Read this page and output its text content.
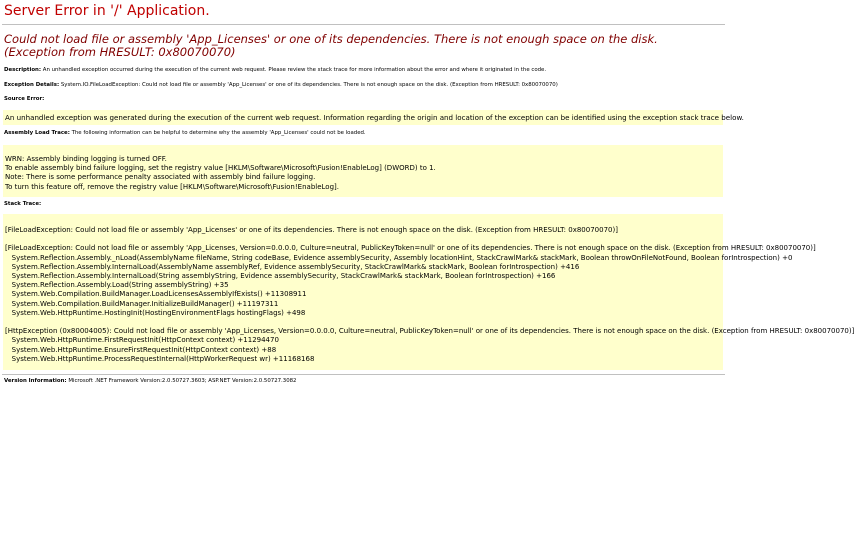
Server Error in '/' Application.
Could not load file or assembly 'App_Licenses' or one of its dependencies. There is not enough space on the disk. (Exception from HRESULT: 0x80070070)
Description: An unhandled exception occurred during the execution of the current web request. Please review the stack trace for more information about the error and where it originated in the code.
Exception Details: System.IO.FileLoadException: Could not load file or assembly 'App_Licenses' or one of its dependencies. There is not enough space on the disk. (Exception from HRESULT: 0x80070070)
Source Error:
An unhandled exception was generated during the execution of the current web request. Information regarding the origin and location of the exception can be identified using the exception stack trace below.
Assembly Load Trace: The following information can be helpful to determine why the assembly 'App_Licenses' could not be loaded.
WRN: Assembly binding logging is turned OFF.
To enable assembly bind failure logging, set the registry value [HKLM\Software\Microsoft\Fusion!EnableLog] (DWORD) to 1.
Note: There is some performance penalty associated with assembly bind failure logging.
To turn this feature off, remove the registry value [HKLM\Software\Microsoft\Fusion!EnableLog].
Stack Trace:
[FileLoadException: Could not load file or assembly 'App_Licenses' or one of its dependencies. There is not enough space on the disk. (Exception from HRESULT: 0x80070070)]
[FileLoadException: Could not load file or assembly 'App_Licenses, Version=0.0.0.0, Culture=neutral, PublicKeyToken=null' or one of its dependencies. There is not enough space on the disk. (Exception from HRESULT: 0x80070070)]
System.Reflection.Assembly._nLoad(AssemblyName fileName, String codeBase, Evidence assemblySecurity, Assembly locationHint, StackCrawlMark& stackMark, Boolean throwOnFileNotFound, Boolean forIntrospection) +0
System.Reflection.Assembly.InternalLoad(AssemblyName assemblyRef, Evidence assemblySecurity, StackCrawlMark& stackMark, Boolean forIntrospection) +416
System.Reflection.Assembly.InternalLoad(String assemblyString, Evidence assemblySecurity, StackCrawlMark& stackMark, Boolean forIntrospection) +166
System.Reflection.Assembly.Load(String assemblyString) +35
System.Web.Compilation.BuildManager.LoadLicensesAssemblyIfExists() +11308911
System.Web.Compilation.BuildManager.InitializeBuildManager() +11197311
System.Web.HttpRuntime.HostingInit(HostingEnvironmentFlags hostingFlags) +498
[HttpException (0x80004005): Could not load file or assembly 'App_Licenses, Version=0.0.0.0, Culture=neutral, PublicKeyToken=null' or one of its dependencies. There is not enough space on the disk. (Exception from HRESULT: 0x80070070)]
System.Web.HttpRuntime.FirstRequestInit(HttpContext context) +11294470
System.Web.HttpRuntime.EnsureFirstRequestInit(HttpContext context) +88
System.Web.HttpRuntime.ProcessRequestInternal(HttpWorkerRequest wr) +11168168
Version Information: Microsoft .NET Framework Version:2.0.50727.3603; ASP.NET Version:2.0.50727.3082
